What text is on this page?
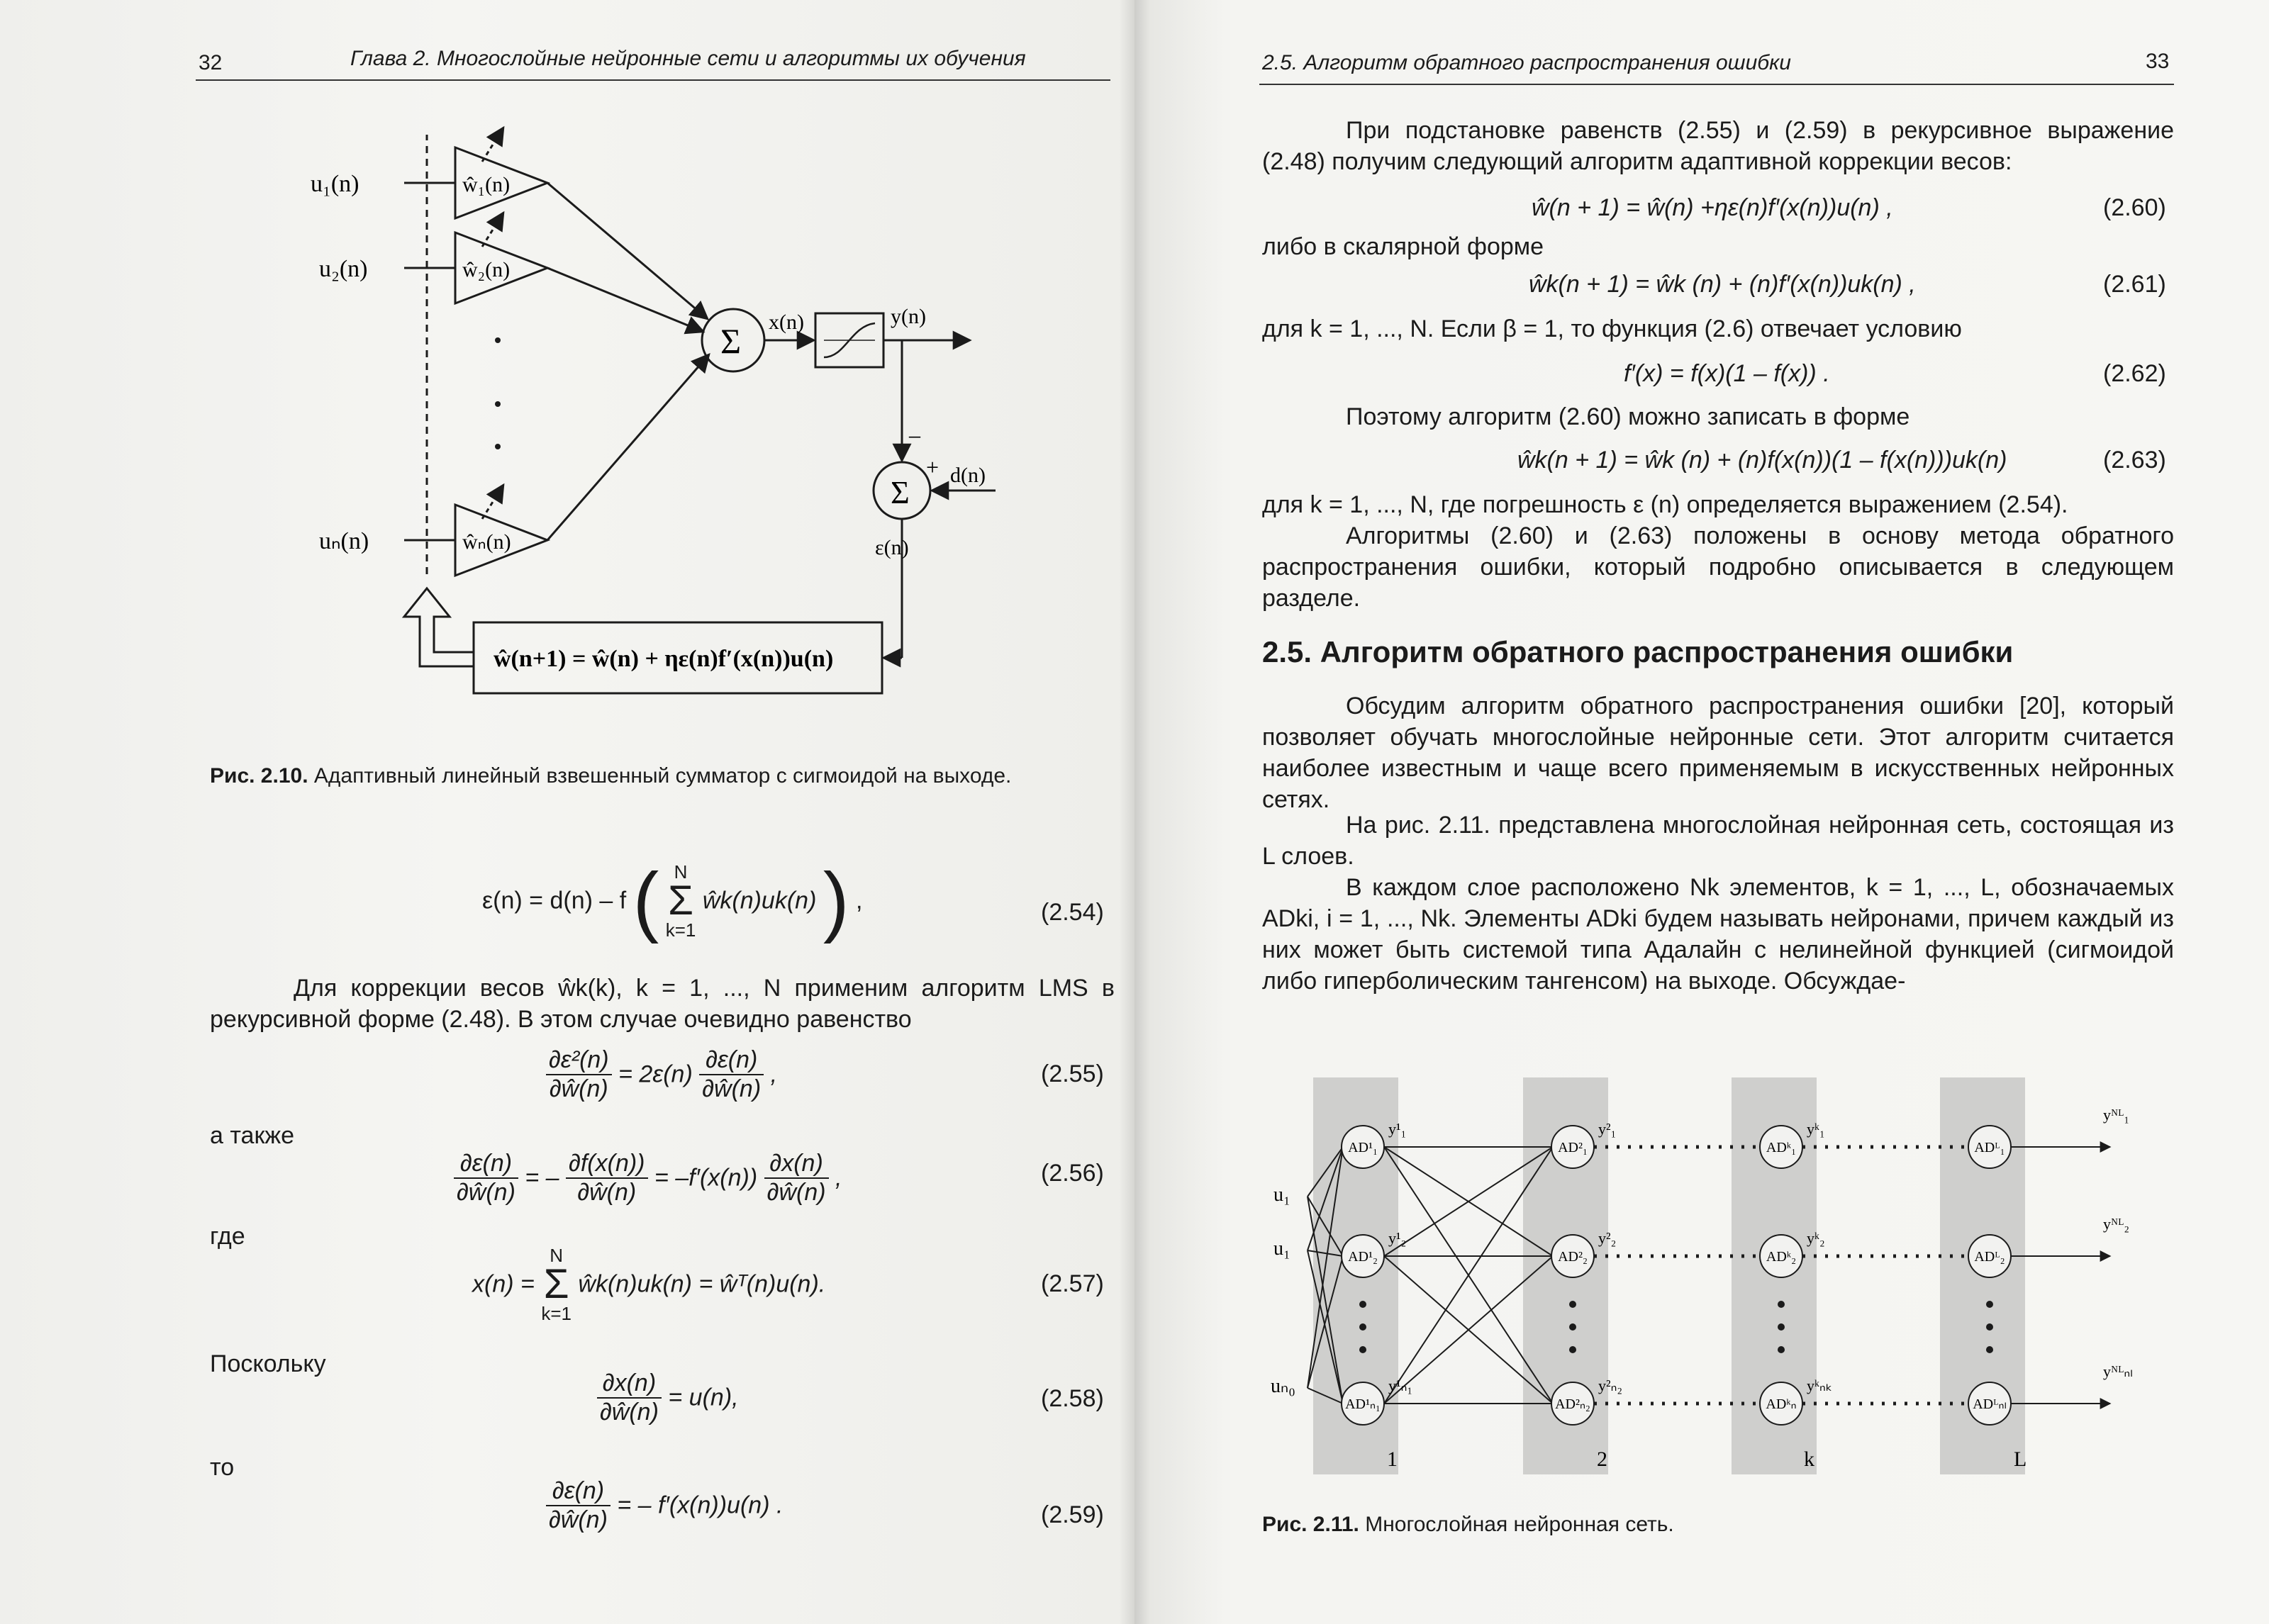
32	Глава 2. Многослойные нейронные сети и алгоритмы их обучения
u₁(n)
u₂(n)
uₙ(n)
ŵ₁(n)
ŵ₂(n)
ŵₙ(n)
Σ
Σ
x(n)	y(n)
d(n)
ε(n)
–
+
ŵ(n+1) = ŵ(n) + ηε(n)f′(x(n))u(n)
Рис. 2.10. Адаптивный линейный взвешенный сумматор с сигмоидой на выходе.
ε(n) = d(n) – f ( N
Σ
k=1 ŵk(n)uk(n) ) ,	(2.54)
Для коррекции весов ŵk(k), k = 1, ..., N применим алгоритм LMS в рекурсивной форме (2.48). В этом случае очевидно равенство
$\frac{\text{∂ε²(n)}}{\partial ŵ(n)} = 2\varepsilon(n) \frac{\partial\varepsilon(n)}{\partial ŵ(n)}$ ,	(2.55)
а также
$\frac{\partial\varepsilon(n)}{\partial ŵ(n)}$ = – $\frac{\partial f(x(n))}{\partial ŵ(n)} = -f'(x(n)) \frac{\partial x(n)}{\partial ŵ(n)}$ ,	(2.56)
где
x(n) = N
Σ
k=1 ŵk(n)uk(n) = ŵᵀ(n)u(n).	(2.57)
Поскольку
$\frac{\partial x(n)}{\partial ŵ(n)} = u(n)$,	(2.58)
то
$\frac{\partial\varepsilon(n)}{\partial ŵ(n)}$ = – f′(x(n))u(n) .	(2.59)
2.5. Алгоритм обратного распространения ошибки	33
При подстановке равенств (2.55) и (2.59) в рекурсивное выражение (2.48) получим следующий алгоритм адаптивной коррекции весов:
ŵ(n + 1) = ŵ(n) +ηε(n)f′(x(n))u(n) ,	(2.60)
либо в скалярной форме
ŵk(n + 1) = ŵk (n) + (n)f′(x(n))uk(n) ,	(2.61)
для k = 1, ..., N. Если β = 1, то функция (2.6) отвечает условию
f′(x) = f(x)(1 – f(x)) .	(2.62)
Поэтому алгоритм (2.60) можно записать в форме
ŵk(n + 1) = ŵk (n) + (n)f(x(n))(1 – f(x(n)))uk(n)	(2.63)
для k = 1, ..., N, где погрешность ε (n) определяется выражением (2.54).
Алгоритмы (2.60) и (2.63) положены в основу метода обратного распространения ошибки, который подробно описывается в следующем разделе.
2.5. Алгоритм обратного распространения ошибки
Обсудим алгоритм обратного распространения ошибки [20], который позволяет обучать многослойные нейронные сети. Этот алгоритм считается наиболее известным и чаще всего применяемым в искусственных нейронных сетях.
На рис. 2.11. представлена многослойная нейронная сеть, состоящая из L слоев.
В каждом слое расположено Nk элементов, k = 1, ..., L, обозначаемых ADki, i = 1, ..., Nk. Элементы ADki будем называть нейронами, причем каждый из них может быть системой типа Адалайн с нелинейной функцией (сигмоидой либо гиперболическим тангенсом) на выходе. Обсуждае-
u₁
u₁
uₙ₀
AD¹₁
AD¹₂
AD¹ₙ₁
AD²₁
AD²₂
AD²ₙ₂
ADᵏ₁
ADᵏ₂
ADᵏₙ
ADᴸ₁
ADᴸ₂
ADᴸₙₗ
y¹₁
y¹₂
y¹ₙ₁
y²₁
y²₂
y²ₙ₂
yᵏ₁
yᵏ₂
yᵏₙₖ
yᴺᴸ₁
yᴺᴸ₂
yᴺᴸₙₗ
1	2	k	L
Рис. 2.11. Многослойная нейронная сеть.
